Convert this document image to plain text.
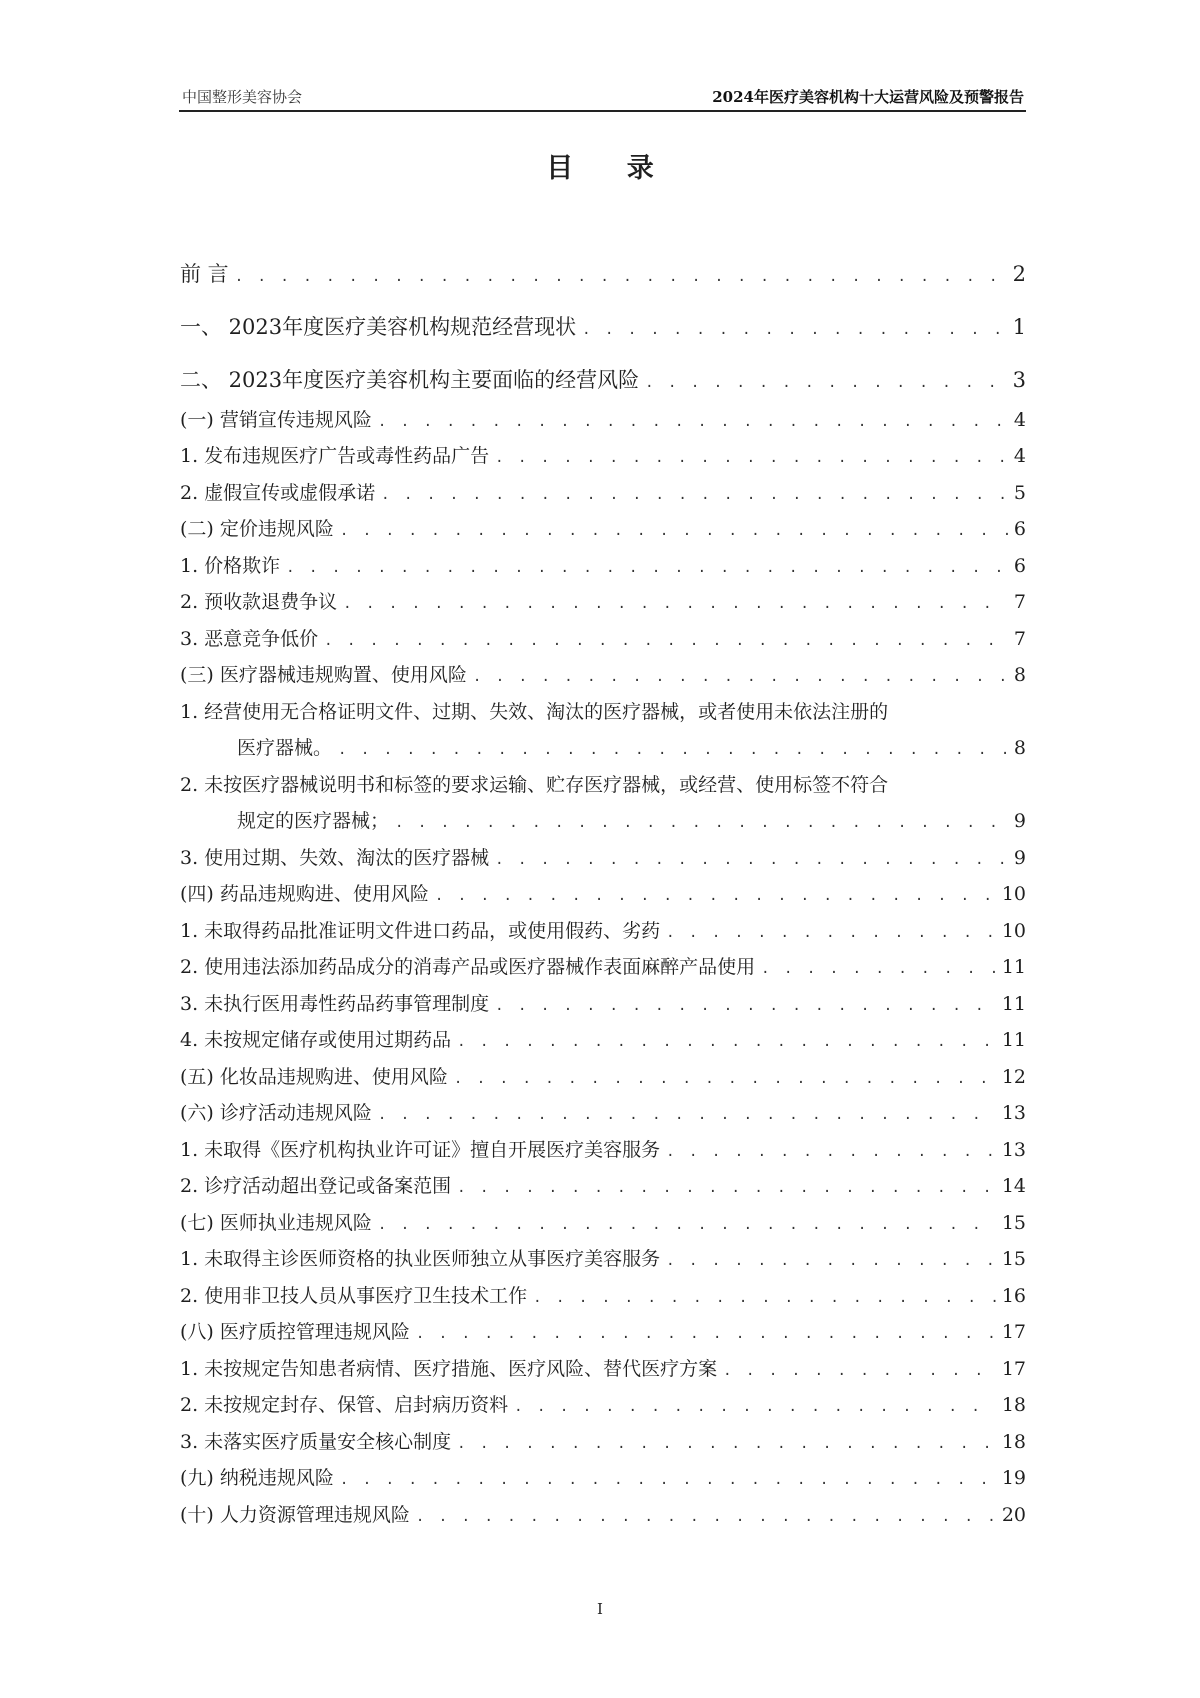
中国整形美容协会	2024年医疗美容机构十大运营风险及预警报告
目 录
前 言 . . .	2
一、 2023年度医疗美容机构规范经营现状 . . .	1
二、 2023年度医疗美容机构主要面临的经营风险 . . .	3
(一) 营销宣传违规风险 . . .	4
1. 发布违规医疗广告或毒性药品广告 . . .	4
2. 虚假宣传或虚假承诺 . . .	5
(二) 定价违规风险 . . .	6
1. 价格欺诈 . . .	6
2. 预收款退费争议 . . .	7
3. 恶意竞争低价 . . .	7
(三) 医疗器械违规购置、使用风险 . . .	8
1. 经营使用无合格证明文件、过期、失效、淘汰的医疗器械，或者使用未依法注册的
医疗器械。 . . .	8
2. 未按医疗器械说明书和标签的要求运输、贮存医疗器械，或经营、使用标签不符合
规定的医疗器械； . . .	9
3. 使用过期、失效、淘汰的医疗器械 . . .	9
(四) 药品违规购进、使用风险 . . .	10
1. 未取得药品批准证明文件进口药品，或使用假药、劣药 . . .	10
2. 使用违法添加药品成分的消毒产品或医疗器械作表面麻醉产品使用 . . .	11
3. 未执行医用毒性药品药事管理制度 . . .	11
4. 未按规定储存或使用过期药品 . . .	11
(五) 化妆品违规购进、使用风险 . . .	12
(六) 诊疗活动违规风险 . . .	13
1. 未取得《医疗机构执业许可证》擅自开展医疗美容服务 . . .	13
2. 诊疗活动超出登记或备案范围 . . .	14
(七) 医师执业违规风险 . . .	15
1. 未取得主诊医师资格的执业医师独立从事医疗美容服务 . . .	15
2. 使用非卫技人员从事医疗卫生技术工作 . . .	16
(八) 医疗质控管理违规风险 . . .	17
1. 未按规定告知患者病情、医疗措施、医疗风险、替代医疗方案 . . .	17
2. 未按规定封存、保管、启封病历资料 . . .	18
3. 未落实医疗质量安全核心制度 . . .	18
(九) 纳税违规风险 . . .	19
(十) 人力资源管理违规风险 . . .	20
I
